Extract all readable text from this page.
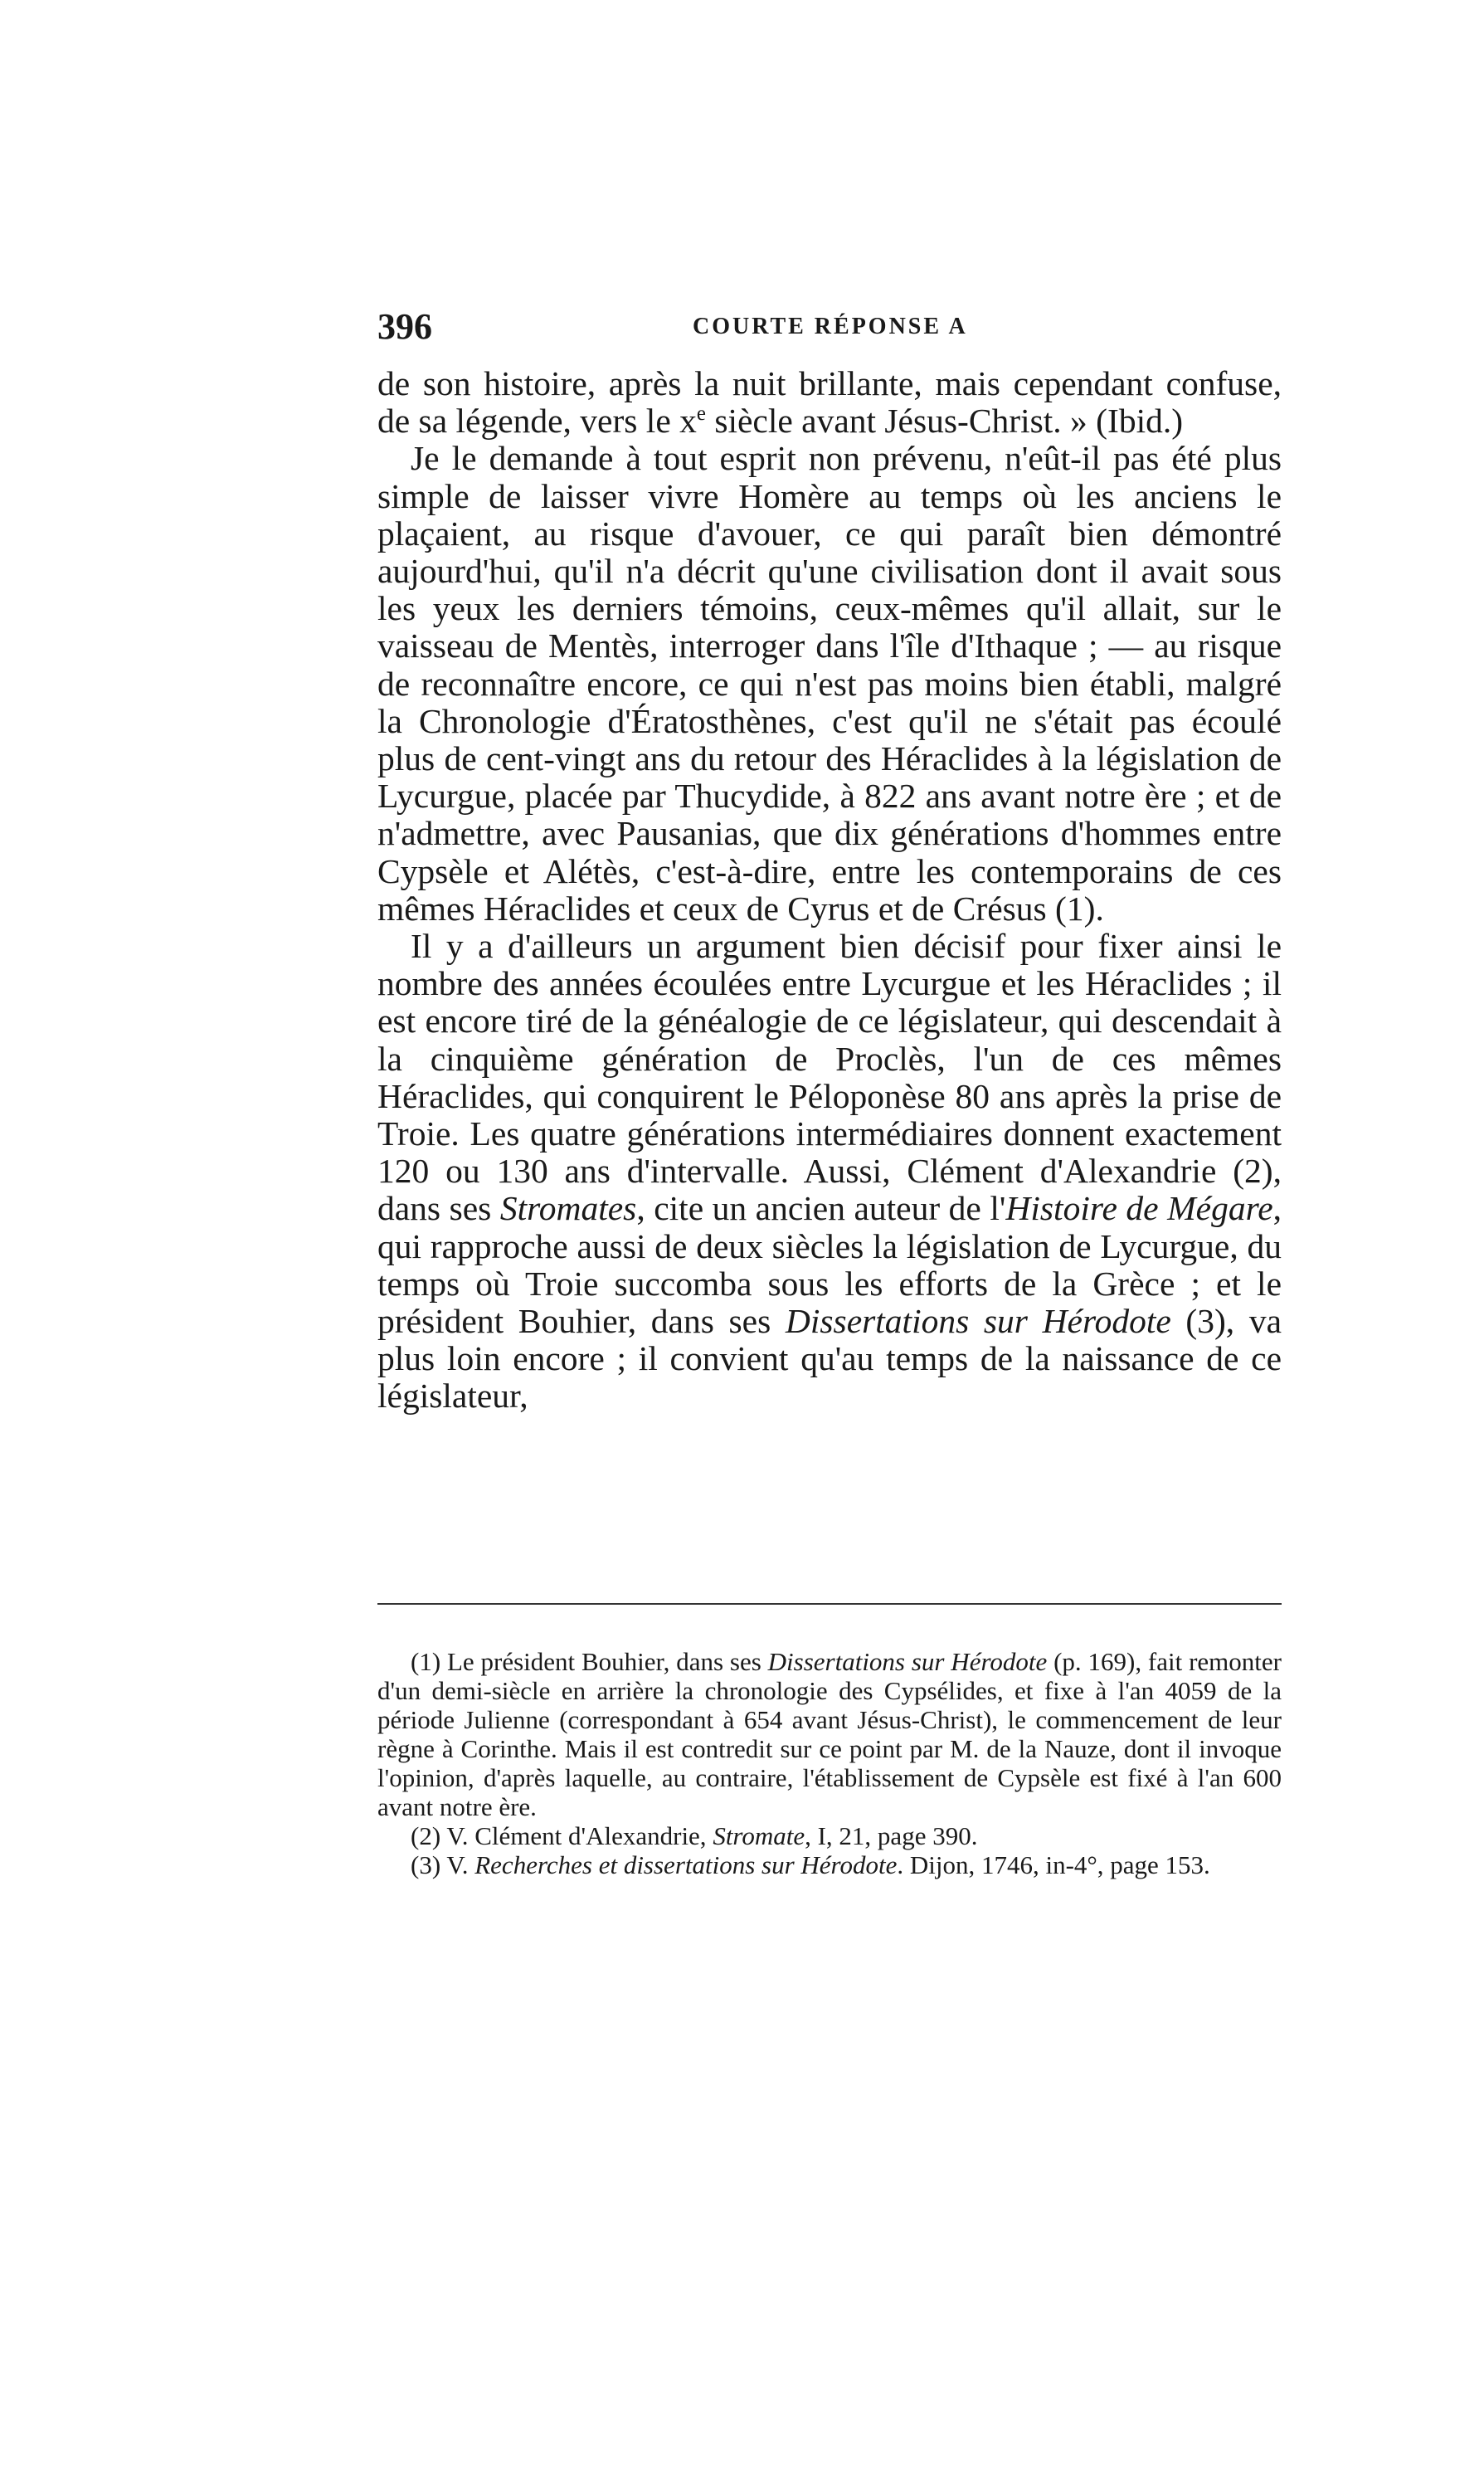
396	COURTE RÉPONSE A

de son histoire, après la nuit brillante, mais cependant confuse, de sa légende, vers le $x^e$ siècle avant Jésus-Christ. » (Ibid.)

Je le demande à tout esprit non prévenu, n'eût-il pas été plus simple de laisser vivre Homère au temps où les anciens le plaçaient, au risque d'avouer, ce qui paraît bien démontré aujourd'hui, qu'il n'a décrit qu'une civilisation dont il avait sous les yeux les derniers témoins, ceux-mêmes qu'il allait, sur le vaisseau de Mentès, interroger dans l'île d'Ithaque ; — au risque de reconnaître encore, ce qui n'est pas moins bien établi, malgré la Chronologie d'Ératosthènes, c'est qu'il ne s'était pas écoulé plus de cent-vingt ans du retour des Héraclides à la législation de Lycurgue, placée par Thucydide, à 822 ans avant notre ère ; et de n'admettre, avec Pausanias, que dix générations d'hommes entre Cypsèle et Alétès, c'est-à-dire, entre les contemporains de ces mêmes Héraclides et ceux de Cyrus et de Crésus (1).

Il y a d'ailleurs un argument bien décisif pour fixer ainsi le nombre des années écoulées entre Lycurgue et les Héraclides ; il est encore tiré de la généalogie de ce législateur, qui descendait à la cinquième génération de Proclès, l'un de ces mêmes Héraclides, qui conquirent le Péloponèse 80 ans après la prise de Troie. Les quatre générations intermédiaires donnent exactement 120 ou 130 ans d'intervalle. Aussi, Clément d'Alexandrie (2), dans ses Stromates, cite un ancien auteur de l'Histoire de Mégare, qui rapproche aussi de deux siècles la législation de Lycurgue, du temps où Troie succomba sous les efforts de la Grèce ; et le président Bouhier, dans ses Dissertations sur Hérodote (3), va plus loin encore ; il convient qu'au temps de la naissance de ce législateur,

(1) Le président Bouhier, dans ses Dissertations sur Hérodote (p. 169), fait remonter d'un demi-siècle en arrière la chronologie des Cypsélides, et fixe à l'an 4059 de la période Julienne (correspondant à 654 avant Jésus-Christ), le commencement de leur règne à Corinthe. Mais il est contredit sur ce point par M. de la Nauze, dont il invoque l'opinion, d'après laquelle, au contraire, l'établissement de Cypsèle est fixé à l'an 600 avant notre ère.

(2) V. Clément d'Alexandrie, Stromate, I, 21, page 390.

(3) V. Recherches et dissertations sur Hérodote. Dijon, 1746, in-4°, page 153.
